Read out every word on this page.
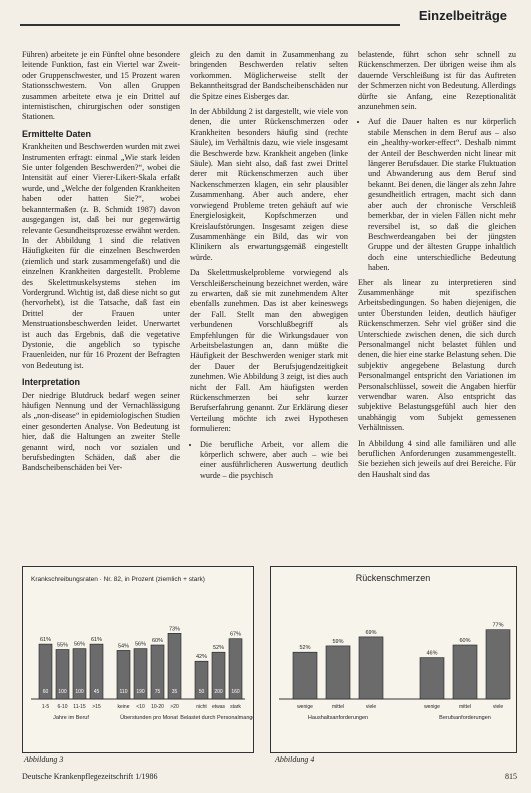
Einzelbeiträge

Führen) arbeitete je ein Fünftel ohne besondere leitende Funktion, fast ein Viertel war Zweit- oder Gruppenschwester, und 15 Prozent waren Stationsschwestern. Von allen Gruppen zusammen arbeitete etwa je ein Drittel auf internistischen, chirurgischen oder sonstigen Stationen.

Ermittelte Daten

Krankheiten und Beschwerden wurden mit zwei Instrumenten erfragt: einmal „Wie stark leiden Sie unter folgenden Beschwerden?“, wobei die Intensität auf einer Vierer-Likert-Skala erfaßt wurde, und „Welche der folgenden Krankheiten haben oder hatten Sie?“, wobei bekanntermaßen (z. B. Schmidt 1987) davon ausgegangen ist, daß bei nur gegenwärtig relevante Gesundheitsprozesse erwähnt werden. In der Abbildung 1 sind die relativen Häufigkeiten für die einzelnen Beschwerden (ziemlich und stark zusammengefaßt) und die einzelnen Krankheiten dargestellt. Probleme des Skelettmuskelsystems stehen im Vordergrund. Wichtig ist, daß diese nicht so gut (hervorhebt), ist die Tatsache, daß fast ein Drittel der Frauen unter Menstruationsbeschwerden leidet. Unerwartet ist auch das Ergebnis, daß die vegetative Dystonie, die angeblich so typische Frauenleiden, nur für 16 Prozent der Befragten von Bedeutung ist.

Interpretation

Der niedrige Blutdruck bedarf wegen seiner häufigen Nennung und der Vernachlässigung als „non-disease“ in epidemiologischen Studien einer gesonderten Analyse. Von Bedeutung ist hier, daß die Haltungen an zweiter Stelle genannt wird, noch vor sozialen und berufsbedingten Schäden, daß aber die Bandscheibenschäden bei Ver-

gleich zu den damit in Zusammenhang zu bringenden Beschwerden relativ selten vorkommen. Möglicherweise stellt der Bekanntheitsgrad der Bandscheibenschäden nur die Spitze eines Eisberges dar.

In der Abbildung 2 ist dargestellt, wie viele von denen, die unter Rückenschmerzen oder Krankheiten besonders häufig sind (rechte Säule), im Verhältnis dazu, wie viele insgesamt die Beschwerde bzw. Krankheit angeben (linke Säule). Man sieht also, daß fast zwei Drittel derer mit Rückenschmerzen auch über Nackenschmerzen klagen, ein sehr plausibler Zusammenhang. Aber auch andere, eher vorwiegend Probleme treten gehäuft auf wie Energielosigkeit, Kopfschmerzen und Kreislaufstörungen. Insgesamt zeigen diese Zusammenhänge ein Bild, das wir von Klinikern als erwartungsgemäß eingestellt würde.

Da Skelettmuskelprobleme vorwiegend als Verschleißerscheinung bezeichnet werden, wäre zu erwarten, daß sie mit zunehmendem Alter ebenfalls zunehmen. Das ist aber keineswegs der Fall. Stellt man den abwegigen verbundenen Vorschlußbegriff als Empfehlungen für die Wirkungsdauer von Arbeitsbelastungen an, dann müßte die Häufigkeit der Beschwerden weniger stark mit der Dauer der Berufsjugendzeitigkeit zunehmen. Wie Abbildung 3 zeigt, ist dies auch nicht der Fall. Am häufigsten werden Rückenschmerzen bei sehr kurzer Berufserfahrung genannt. Zur Erklärung dieser Verteilung möchte ich zwei Hypothesen formulieren:

• Die berufliche Arbeit, vor allem die körperlich schwere, aber auch – wie bei einer ausführlicheren Auswertung deutlich wurde – die psychisch

belastende, führt schon sehr schnell zu Rückenschmerzen. Der übrigen weise ihm als dauernde Verschleißung ist für das Auftreten der Schmerzen nicht von Bedeutung. Allerdings dürfte sie Anfang, eine Rezeptionalität anzunehmen sein.

• Auf die Dauer halten es nur körperlich stabile Menschen in dem Beruf aus – also ein „healthy-worker-effect“. Deshalb nimmt der Anteil der Beschwerden nicht linear mit längerer Berufsdauer. Die starke Fluktuation und Abwanderung aus dem Beruf sind bekannt. Bei denen, die länger als zehn Jahre gesundheitlich ertragen, macht sich dann aber auch der chronische Verschleiß bemerkbar, der in vielen Fällen nicht mehr reversibel ist, so daß die gleichen Beschwerdeangaben bei der jüngsten Gruppe und der ältesten Gruppe inhaltlich doch eine unterschiedliche Bedeutung haben.

Eher als linear zu interpretieren sind Zusammenhänge mit spezifischen Arbeitsbedingungen. So haben diejenigen, die unter Überstunden leiden, deutlich häufiger Rückenschmerzen. Sehr viel größer sind die Unterschiede zwischen denen, die sich durch Personalmangel nicht belastet fühlen und denen, die hier eine starke Belastung sehen. Die subjektiv angegebene Belastung durch Personalmangel entspricht den Variationen im Personalschlüssel, soweit die Angaben hierfür verwendbar waren. Also entspricht das subjektive Belastungsgefühl auch hier den unabhängig vom Subjekt gemessenen Verhältnissen.

In Abbildung 4 sind alle familiären und alle beruflichen Anforderungen zusammengestellt. Sie beziehen sich jeweils auf drei Bereiche. Für den Haushalt sind das

Krankschreibungsraten · Nr. 82, in Prozent (ziemlich + stark)
61%
60
1-5
55%
100
6-10
56%
100
11-15
61%
45
>15
Jahre im Beruf
54%
110
keine
56%
190
<10
60%
75
10-20
73%
35
>20
Überstunden pro Monat
42%
50
nicht
52%
200
etwas
67%
160
stark
Belastet durch Personalmangel
Rückenschmerzen
52%
wenige
59%
mittel
69%
viele
Haushaltsanforderungen
46%
wenige
60%
mittel
77%
viele
Berufsanforderungen
Abbildung 3	Abbildung 4
Deutsche Krankenpflegezeitschrift 1/1986	815
